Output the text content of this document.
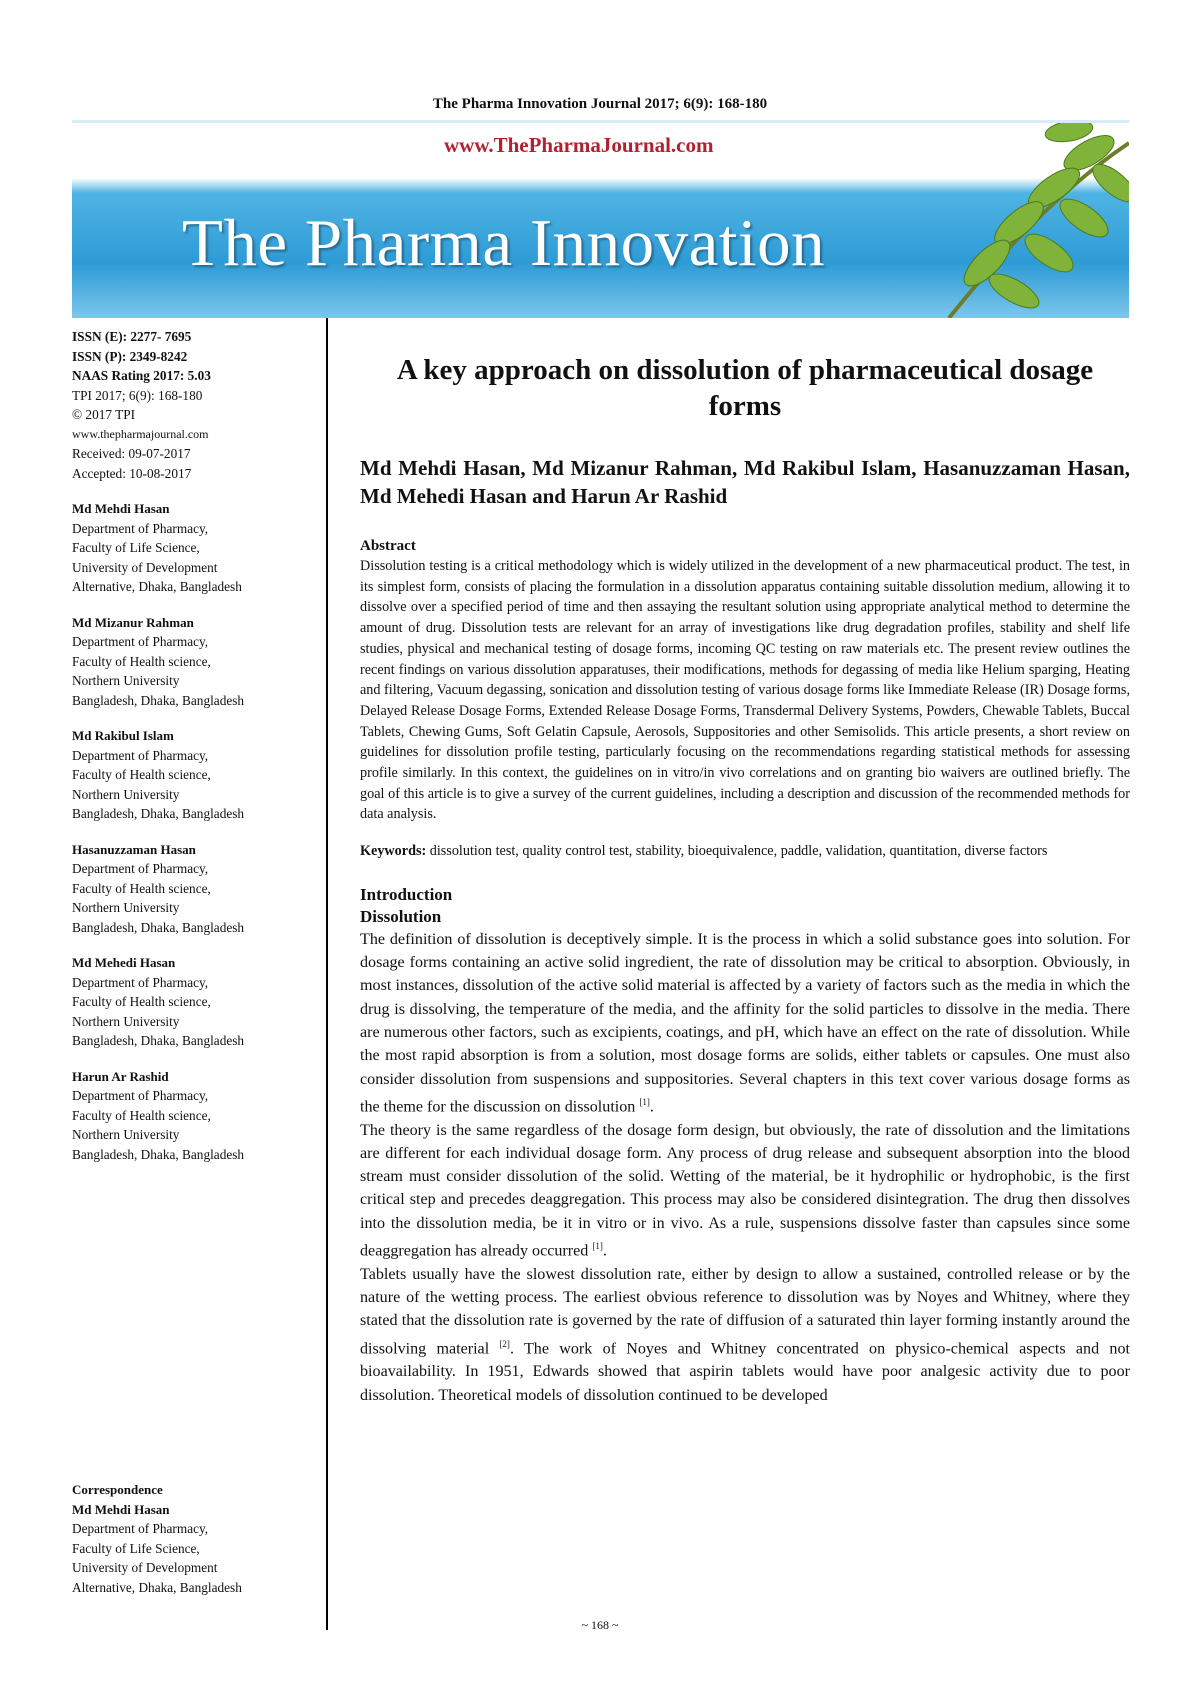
The Pharma Innovation Journal 2017; 6(9): 168-180
www.ThePharmaJournal.com
The Pharma Innovation
ISSN (E): 2277- 7695
ISSN (P): 2349-8242
NAAS Rating 2017: 5.03
TPI 2017; 6(9): 168-180
© 2017 TPI
www.thepharmajournal.com
Received: 09-07-2017
Accepted: 10-08-2017
Md Mehdi Hasan
Department of Pharmacy,
Faculty of Life Science,
University of Development
Alternative, Dhaka, Bangladesh
Md Mizanur Rahman
Department of Pharmacy,
Faculty of Health science,
Northern University
Bangladesh, Dhaka, Bangladesh
Md Rakibul Islam
Department of Pharmacy,
Faculty of Health science,
Northern University
Bangladesh, Dhaka, Bangladesh
Hasanuzzaman Hasan
Department of Pharmacy,
Faculty of Health science,
Northern University
Bangladesh, Dhaka, Bangladesh
Md Mehedi Hasan
Department of Pharmacy,
Faculty of Health science,
Northern University
Bangladesh, Dhaka, Bangladesh
Harun Ar Rashid
Department of Pharmacy,
Faculty of Health science,
Northern University
Bangladesh, Dhaka, Bangladesh
Correspondence
Md Mehdi Hasan
Department of Pharmacy,
Faculty of Life Science,
University of Development
Alternative, Dhaka, Bangladesh
A key approach on dissolution of pharmaceutical dosage forms
Md Mehdi Hasan, Md Mizanur Rahman, Md Rakibul Islam, Hasanuzzaman Hasan, Md Mehedi Hasan and Harun Ar Rashid
Abstract
Dissolution testing is a critical methodology which is widely utilized in the development of a new pharmaceutical product. The test, in its simplest form, consists of placing the formulation in a dissolution apparatus containing suitable dissolution medium, allowing it to dissolve over a specified period of time and then assaying the resultant solution using appropriate analytical method to determine the amount of drug. Dissolution tests are relevant for an array of investigations like drug degradation profiles, stability and shelf life studies, physical and mechanical testing of dosage forms, incoming QC testing on raw materials etc. The present review outlines the recent findings on various dissolution apparatuses, their modifications, methods for degassing of media like Helium sparging, Heating and filtering, Vacuum degassing, sonication and dissolution testing of various dosage forms like Immediate Release (IR) Dosage forms, Delayed Release Dosage Forms, Extended Release Dosage Forms, Transdermal Delivery Systems, Powders, Chewable Tablets, Buccal Tablets, Chewing Gums, Soft Gelatin Capsule, Aerosols, Suppositories and other Semisolids. This article presents, a short review on guidelines for dissolution profile testing, particularly focusing on the recommendations regarding statistical methods for assessing profile similarly. In this context, the guidelines on in vitro/in vivo correlations and on granting bio waivers are outlined briefly. The goal of this article is to give a survey of the current guidelines, including a description and discussion of the recommended methods for data analysis.
Keywords: dissolution test, quality control test, stability, bioequivalence, paddle, validation, quantitation, diverse factors
Introduction
Dissolution

The definition of dissolution is deceptively simple. It is the process in which a solid substance goes into solution. For dosage forms containing an active solid ingredient, the rate of dissolution may be critical to absorption. Obviously, in most instances, dissolution of the active solid material is affected by a variety of factors such as the media in which the drug is dissolving, the temperature of the media, and the affinity for the solid particles to dissolve in the media. There are numerous other factors, such as excipients, coatings, and pH, which have an effect on the rate of dissolution. While the most rapid absorption is from a solution, most dosage forms are solids, either tablets or capsules. One must also consider dissolution from suspensions and suppositories. Several chapters in this text cover various dosage forms as the theme for the discussion on dissolution [1].

The theory is the same regardless of the dosage form design, but obviously, the rate of dissolution and the limitations are different for each individual dosage form. Any process of drug release and subsequent absorption into the blood stream must consider dissolution of the solid. Wetting of the material, be it hydrophilic or hydrophobic, is the first critical step and precedes deaggregation. This process may also be considered disintegration. The drug then dissolves into the dissolution media, be it in vitro or in vivo. As a rule, suspensions dissolve faster than capsules since some deaggregation has already occurred [1].

Tablets usually have the slowest dissolution rate, either by design to allow a sustained, controlled release or by the nature of the wetting process. The earliest obvious reference to dissolution was by Noyes and Whitney, where they stated that the dissolution rate is governed by the rate of diffusion of a saturated thin layer forming instantly around the dissolving material [2]. The work of Noyes and Whitney concentrated on physico-chemical aspects and not bioavailability. In 1951, Edwards showed that aspirin tablets would have poor analgesic activity due to poor dissolution. Theoretical models of dissolution continued to be developed

~ 168 ~
